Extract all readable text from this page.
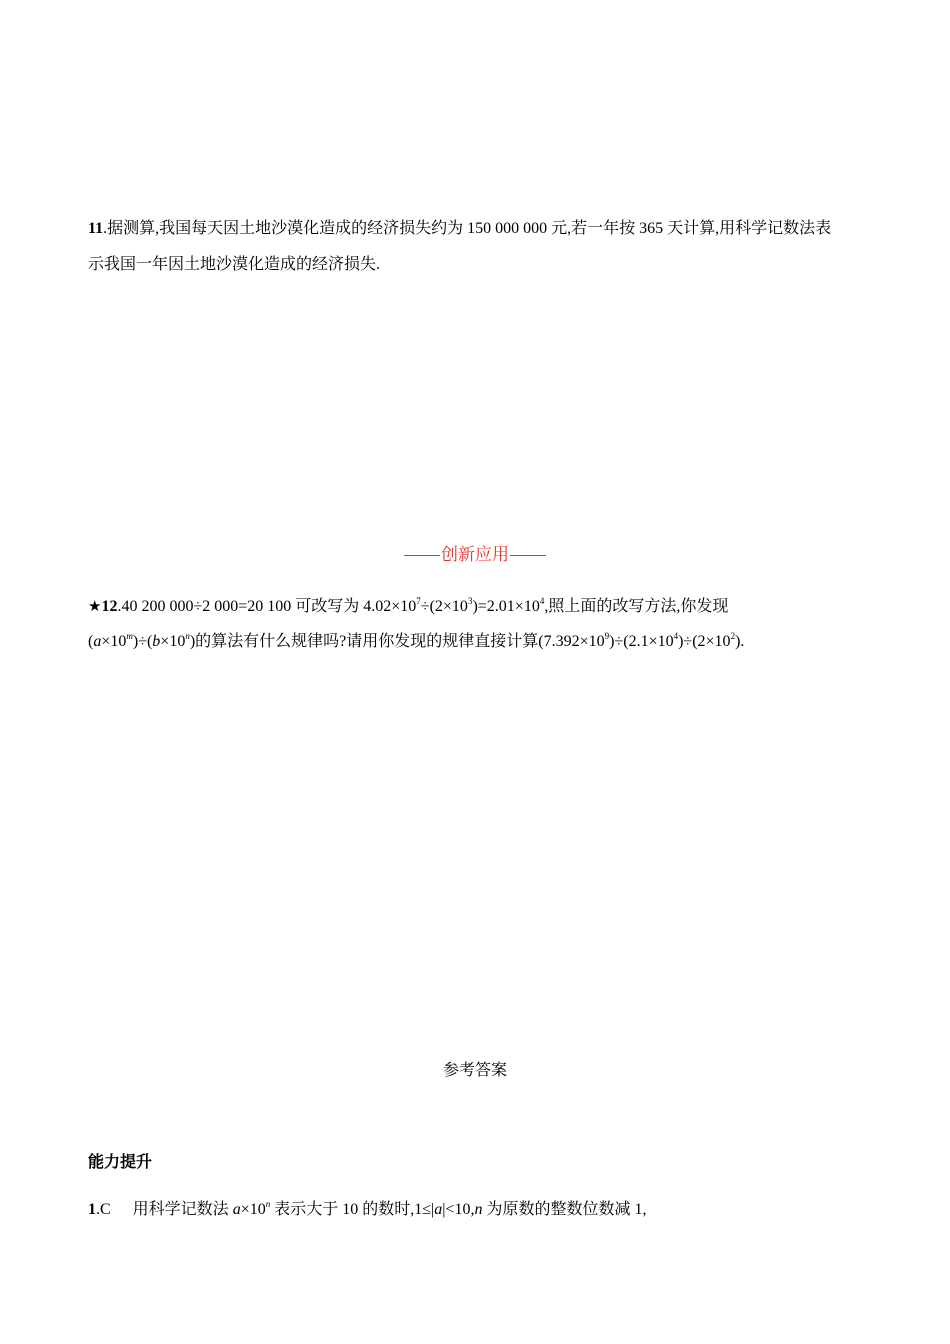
11.据测算,我国每天因土地沙漠化造成的经济损失约为 150 000 000 元,若一年按 365 天计算,用科学记数法表
示我国一年因土地沙漠化造成的经济损失.
创新应用
★12.40 200 000÷2 000=20 100 可改写为 $4.02\times 10^7\div(2\times 10^3)=2.01\times 10^4$,照上面的改写方法,你发现
$(a\times 10^m)\div(b\times 10^n)$的算法有什么规律吗?请用你发现的规律直接计算$(7.392\times 10^9)\div(2.1\times 10^4)\div(2\times 10^2)$.
参考答案
能力提升
1.C 用科学记数法 $a\times 10^n$ 表示大于 10 的数时,1≤|a|<10,n 为原数的整数位数减 1,
